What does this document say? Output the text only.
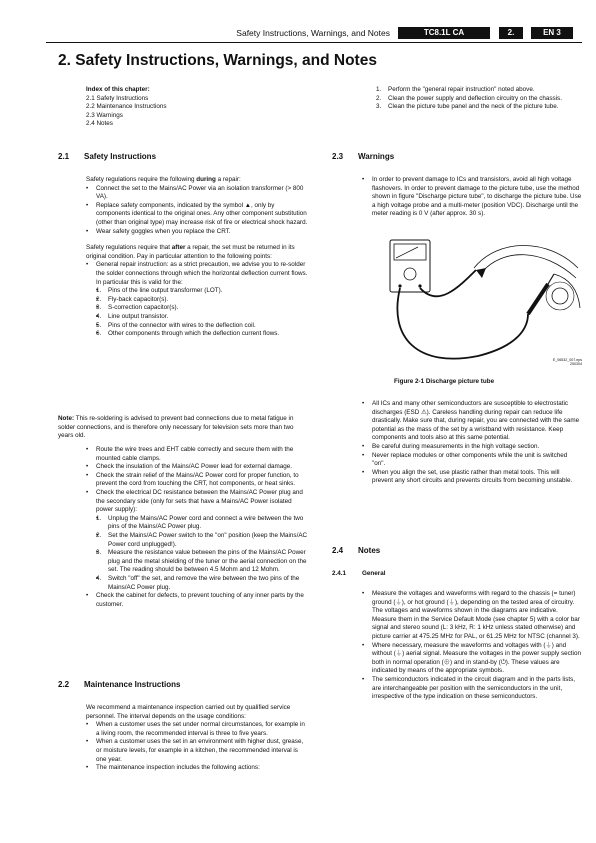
Safety Instructions, Warnings, and Notes	TC8.1L CA	2.	EN 3
2. Safety Instructions, Warnings, and Notes
Index of this chapter:
2.1 Safety Instructions
2.2 Maintenance Instructions
2.3 Warnings
2.4 Notes
1. Perform the "general repair instruction" noted above.
2. Clean the power supply and deflection circuitry on the chassis.
3. Clean the picture tube panel and the neck of the picture tube.
2.1 Safety Instructions

Safety regulations require the following during a repair:

• Connect the set to the Mains/AC Power via an isolation transformer (> 800 VA).
• Replace safety components, indicated by the symbol ▲, only by components identical to the original ones. Any other component substitution (other than original type) may increase risk of fire or electrical shock hazard.
• Wear safety goggles when you replace the CRT.

Safety regulations require that after a repair, the set must be returned in its original condition. Pay in particular attention to the following points:

• General repair instruction: as a strict precaution, we advise you to re-solder the solder connections through which the horizontal deflection current flows. In particular this is valid for the:
• 1. Pins of the line output transformer (LOT).
• 2. Fly-back capacitor(s).
• 3. S-correction capacitor(s).
• 4. Line output transistor.
• 5. Pins of the connector with wires to the deflection coil.
• 6. Other components through which the deflection current flows.

Note: This re-soldering is advised to prevent bad connections due to metal fatigue in solder connections, and is therefore only necessary for television sets more than two years old.

• Route the wire trees and EHT cable correctly and secure them with the mounted cable clamps.
• Check the insulation of the Mains/AC Power lead for external damage.
• Check the strain relief of the Mains/AC Power cord for proper function, to prevent the cord from touching the CRT, hot components, or heat sinks.
• Check the electrical DC resistance between the Mains/AC Power plug and the secondary side (only for sets that have a Mains/AC Power isolated power supply):
• 1. Unplug the Mains/AC Power cord and connect a wire between the two pins of the Mains/AC Power plug.
• 2. Set the Mains/AC Power switch to the "on" position (keep the Mains/AC Power cord unplugged!).
• 3. Measure the resistance value between the pins of the Mains/AC Power plug and the metal shielding of the tuner or the aerial connection on the set. The reading should be between 4.5 Mohm and 12 Mohm.
• 4. Switch "off" the set, and remove the wire between the two pins of the Mains/AC Power plug.
• Check the cabinet for defects, to prevent touching of any inner parts by the customer.
2.2 Maintenance Instructions

We recommend a maintenance inspection carried out by qualified service personnel. The interval depends on the usage conditions:

• When a customer uses the set under normal circumstances, for example in a living room, the recommended interval is three to five years.
• When a customer uses the set in an environment with higher dust, grease, or moisture levels, for example in a kitchen, the recommended interval is one year.
• The maintenance inspection includes the following actions:
2.3 Warnings
• In order to prevent damage to ICs and transistors, avoid all high voltage flashovers. In order to prevent damage to the picture tube, use the method shown in figure "Discharge picture tube", to discharge the picture tube. Use a high voltage probe and a multi-meter (position VDC). Discharge until the meter reading is 0 V (after approx. 30 s).
E_06532_007.eps
250304
Figure 2-1 Discharge picture tube
• All ICs and many other semiconductors are susceptible to electrostatic discharges (ESD ⚠). Careless handling during repair can reduce life drastically. Make sure that, during repair, you are connected with the same potential as the mass of the set by a wristband with resistance. Keep components and tools also at this same potential.
• Be careful during measurements in the high voltage section.
• Never replace modules or other components while the unit is switched "on".
• When you align the set, use plastic rather than metal tools. This will prevent any short circuits and prevents circuits from becoming unstable.
2.4 Notes
2.4.1	General
• Measure the voltages and waveforms with regard to the chassis (= tuner) ground (⏚), or hot ground (⏚), depending on the tested area of circuitry. The voltages and waveforms shown in the diagrams are indicative. Measure them in the Service Default Mode (see chapter 5) with a color bar signal and stereo sound (L: 3 kHz, R: 1 kHz unless stated otherwise) and picture carrier at 475.25 MHz for PAL, or 61.25 MHz for NTSC (channel 3).
• Where necessary, measure the waveforms and voltages with (⏚) and without (⏚) aerial signal. Measure the voltages in the power supply section both in normal operation (⊕) and in stand-by (⏻). These values are indicated by means of the appropriate symbols.
• The semiconductors indicated in the circuit diagram and in the parts lists, are interchangeable per position with the semiconductors in the unit, irrespective of the type indication on these semiconductors.
